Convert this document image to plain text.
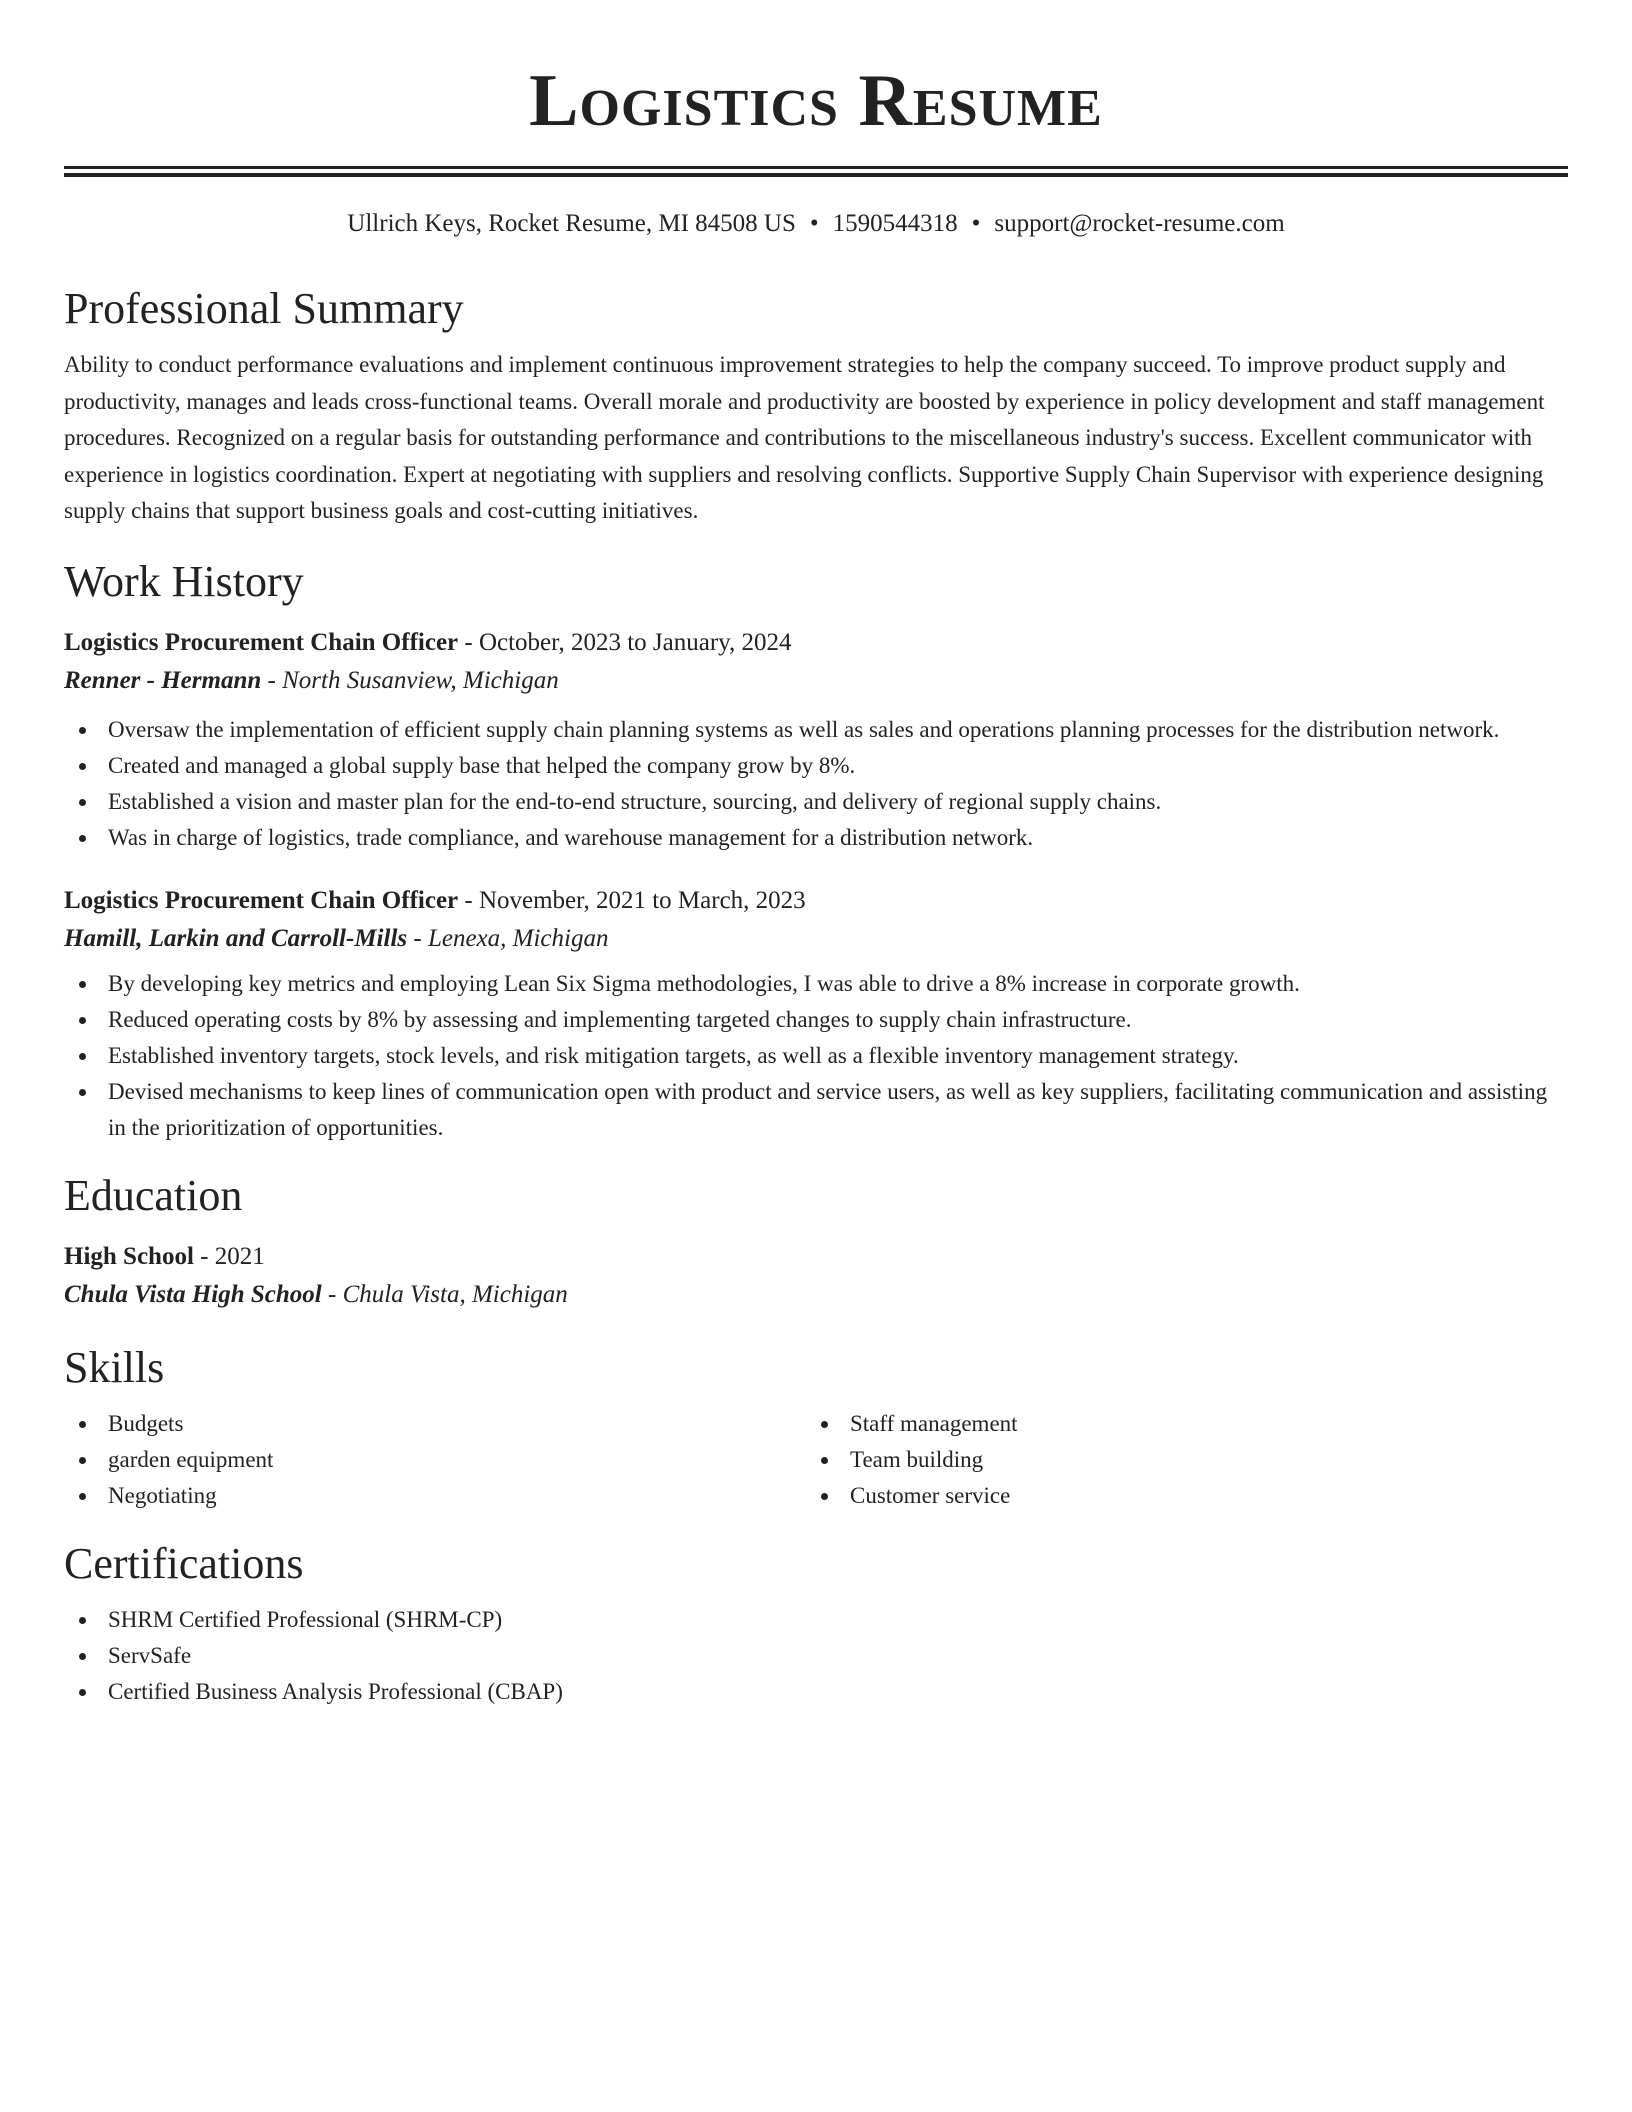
Logistics Resume
Ullrich Keys, Rocket Resume, MI 84508 US • 1590544318 • support@rocket-resume.com
Professional Summary

Ability to conduct performance evaluations and implement continuous improvement strategies to help the company succeed. To improve product supply and productivity, manages and leads cross-functional teams. Overall morale and productivity are boosted by experience in policy development and staff management procedures. Recognized on a regular basis for outstanding performance and contributions to the miscellaneous industry's success. Excellent communicator with experience in logistics coordination. Expert at negotiating with suppliers and resolving conflicts. Supportive Supply Chain Supervisor with experience designing supply chains that support business goals and cost-cutting initiatives.

Work History
Logistics Procurement Chain Officer - October, 2023 to January, 2024
Renner - Hermann - North Susanview, Michigan
Oversaw the implementation of efficient supply chain planning systems as well as sales and operations planning processes for the distribution network.
Created and managed a global supply base that helped the company grow by 8%.
Established a vision and master plan for the end-to-end structure, sourcing, and delivery of regional supply chains.
Was in charge of logistics, trade compliance, and warehouse management for a distribution network.
Logistics Procurement Chain Officer - November, 2021 to March, 2023
Hamill, Larkin and Carroll-Mills - Lenexa, Michigan
By developing key metrics and employing Lean Six Sigma methodologies, I was able to drive a 8% increase in corporate growth.
Reduced operating costs by 8% by assessing and implementing targeted changes to supply chain infrastructure.
Established inventory targets, stock levels, and risk mitigation targets, as well as a flexible inventory management strategy.
Devised mechanisms to keep lines of communication open with product and service users, as well as key suppliers, facilitating communication and assisting in the prioritization of opportunities.
Education
High School - 2021
Chula Vista High School - Chula Vista, Michigan
Skills
Budgets
garden equipment
Negotiating
Staff management
Team building
Customer service
Certifications
SHRM Certified Professional (SHRM-CP)
ServSafe
Certified Business Analysis Professional (CBAP)
